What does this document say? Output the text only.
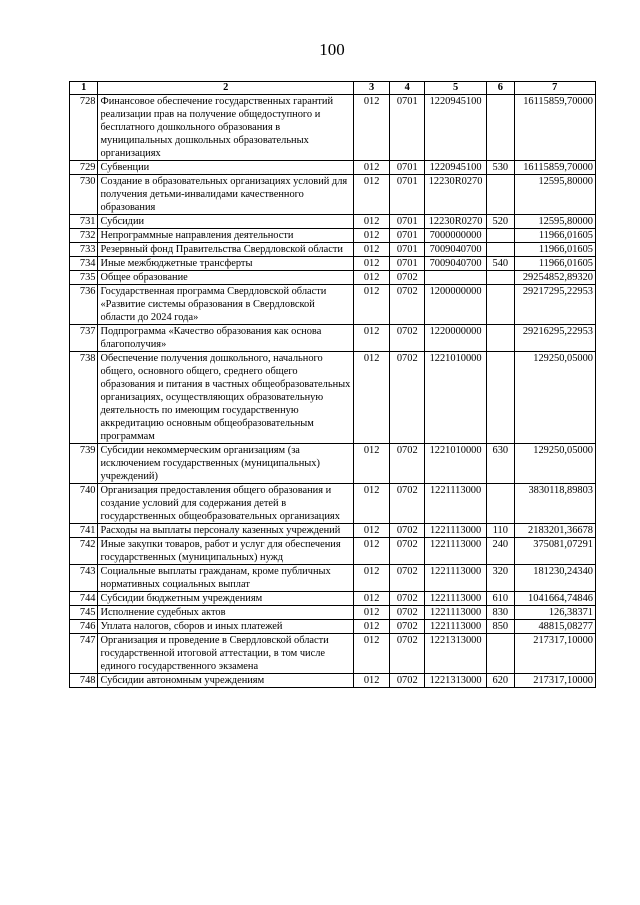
100
1	2	3	4	5	6	7
728	Финансовое обеспечение государственных гарантий реализации прав на получение общедоступного и бесплатного дошкольного образования в муниципальных дошкольных образовательных организациях	012	0701	1220945100		16115859,70000
729	Субвенции	012	0701	1220945100	530	16115859,70000
730	Создание в образовательных организациях условий для получения детьми-инвалидами качественного образования	012	0701	12230R0270		12595,80000
731	Субсидии	012	0701	12230R0270	520	12595,80000
732	Непрограммные направления деятельности	012	0701	7000000000		11966,01605
733	Резервный фонд Правительства Свердловской области	012	0701	7009040700		11966,01605
734	Иные межбюджетные трансферты	012	0701	7009040700	540	11966,01605
735	Общее образование	012	0702			29254852,89320
736	Государственная программа Свердловской области «Развитие системы образования в Свердловской области до 2024 года»	012	0702	1200000000		29217295,22953
737	Подпрограмма «Качество образования как основа благополучия»	012	0702	1220000000		29216295,22953
738	Обеспечение получения дошкольного, начального общего, основного общего, среднего общего образования и питания в частных общеобразовательных организациях, осуществляющих образовательную деятельность по имеющим государственную аккредитацию основным общеобразовательным программам	012	0702	1221010000		129250,05000
739	Субсидии некоммерческим организациям (за исключением государственных (муниципальных) учреждений)	012	0702	1221010000	630	129250,05000
740	Организация предоставления общего образования и создание условий для содержания детей в государственных общеобразовательных организациях	012	0702	1221113000		3830118,89803
741	Расходы на выплаты персоналу казенных учреждений	012	0702	1221113000	110	2183201,36678
742	Иные закупки товаров, работ и услуг для обеспечения государственных (муниципальных) нужд	012	0702	1221113000	240	375081,07291
743	Социальные выплаты гражданам, кроме публичных нормативных социальных выплат	012	0702	1221113000	320	181230,24340
744	Субсидии бюджетным учреждениям	012	0702	1221113000	610	1041664,74846
745	Исполнение судебных актов	012	0702	1221113000	830	126,38371
746	Уплата налогов, сборов и иных платежей	012	0702	1221113000	850	48815,08277
747	Организация и проведение в Свердловской области государственной итоговой аттестации, в том числе единого государственного экзамена	012	0702	1221313000		217317,10000
748	Субсидии автономным учреждениям	012	0702	1221313000	620	217317,10000
